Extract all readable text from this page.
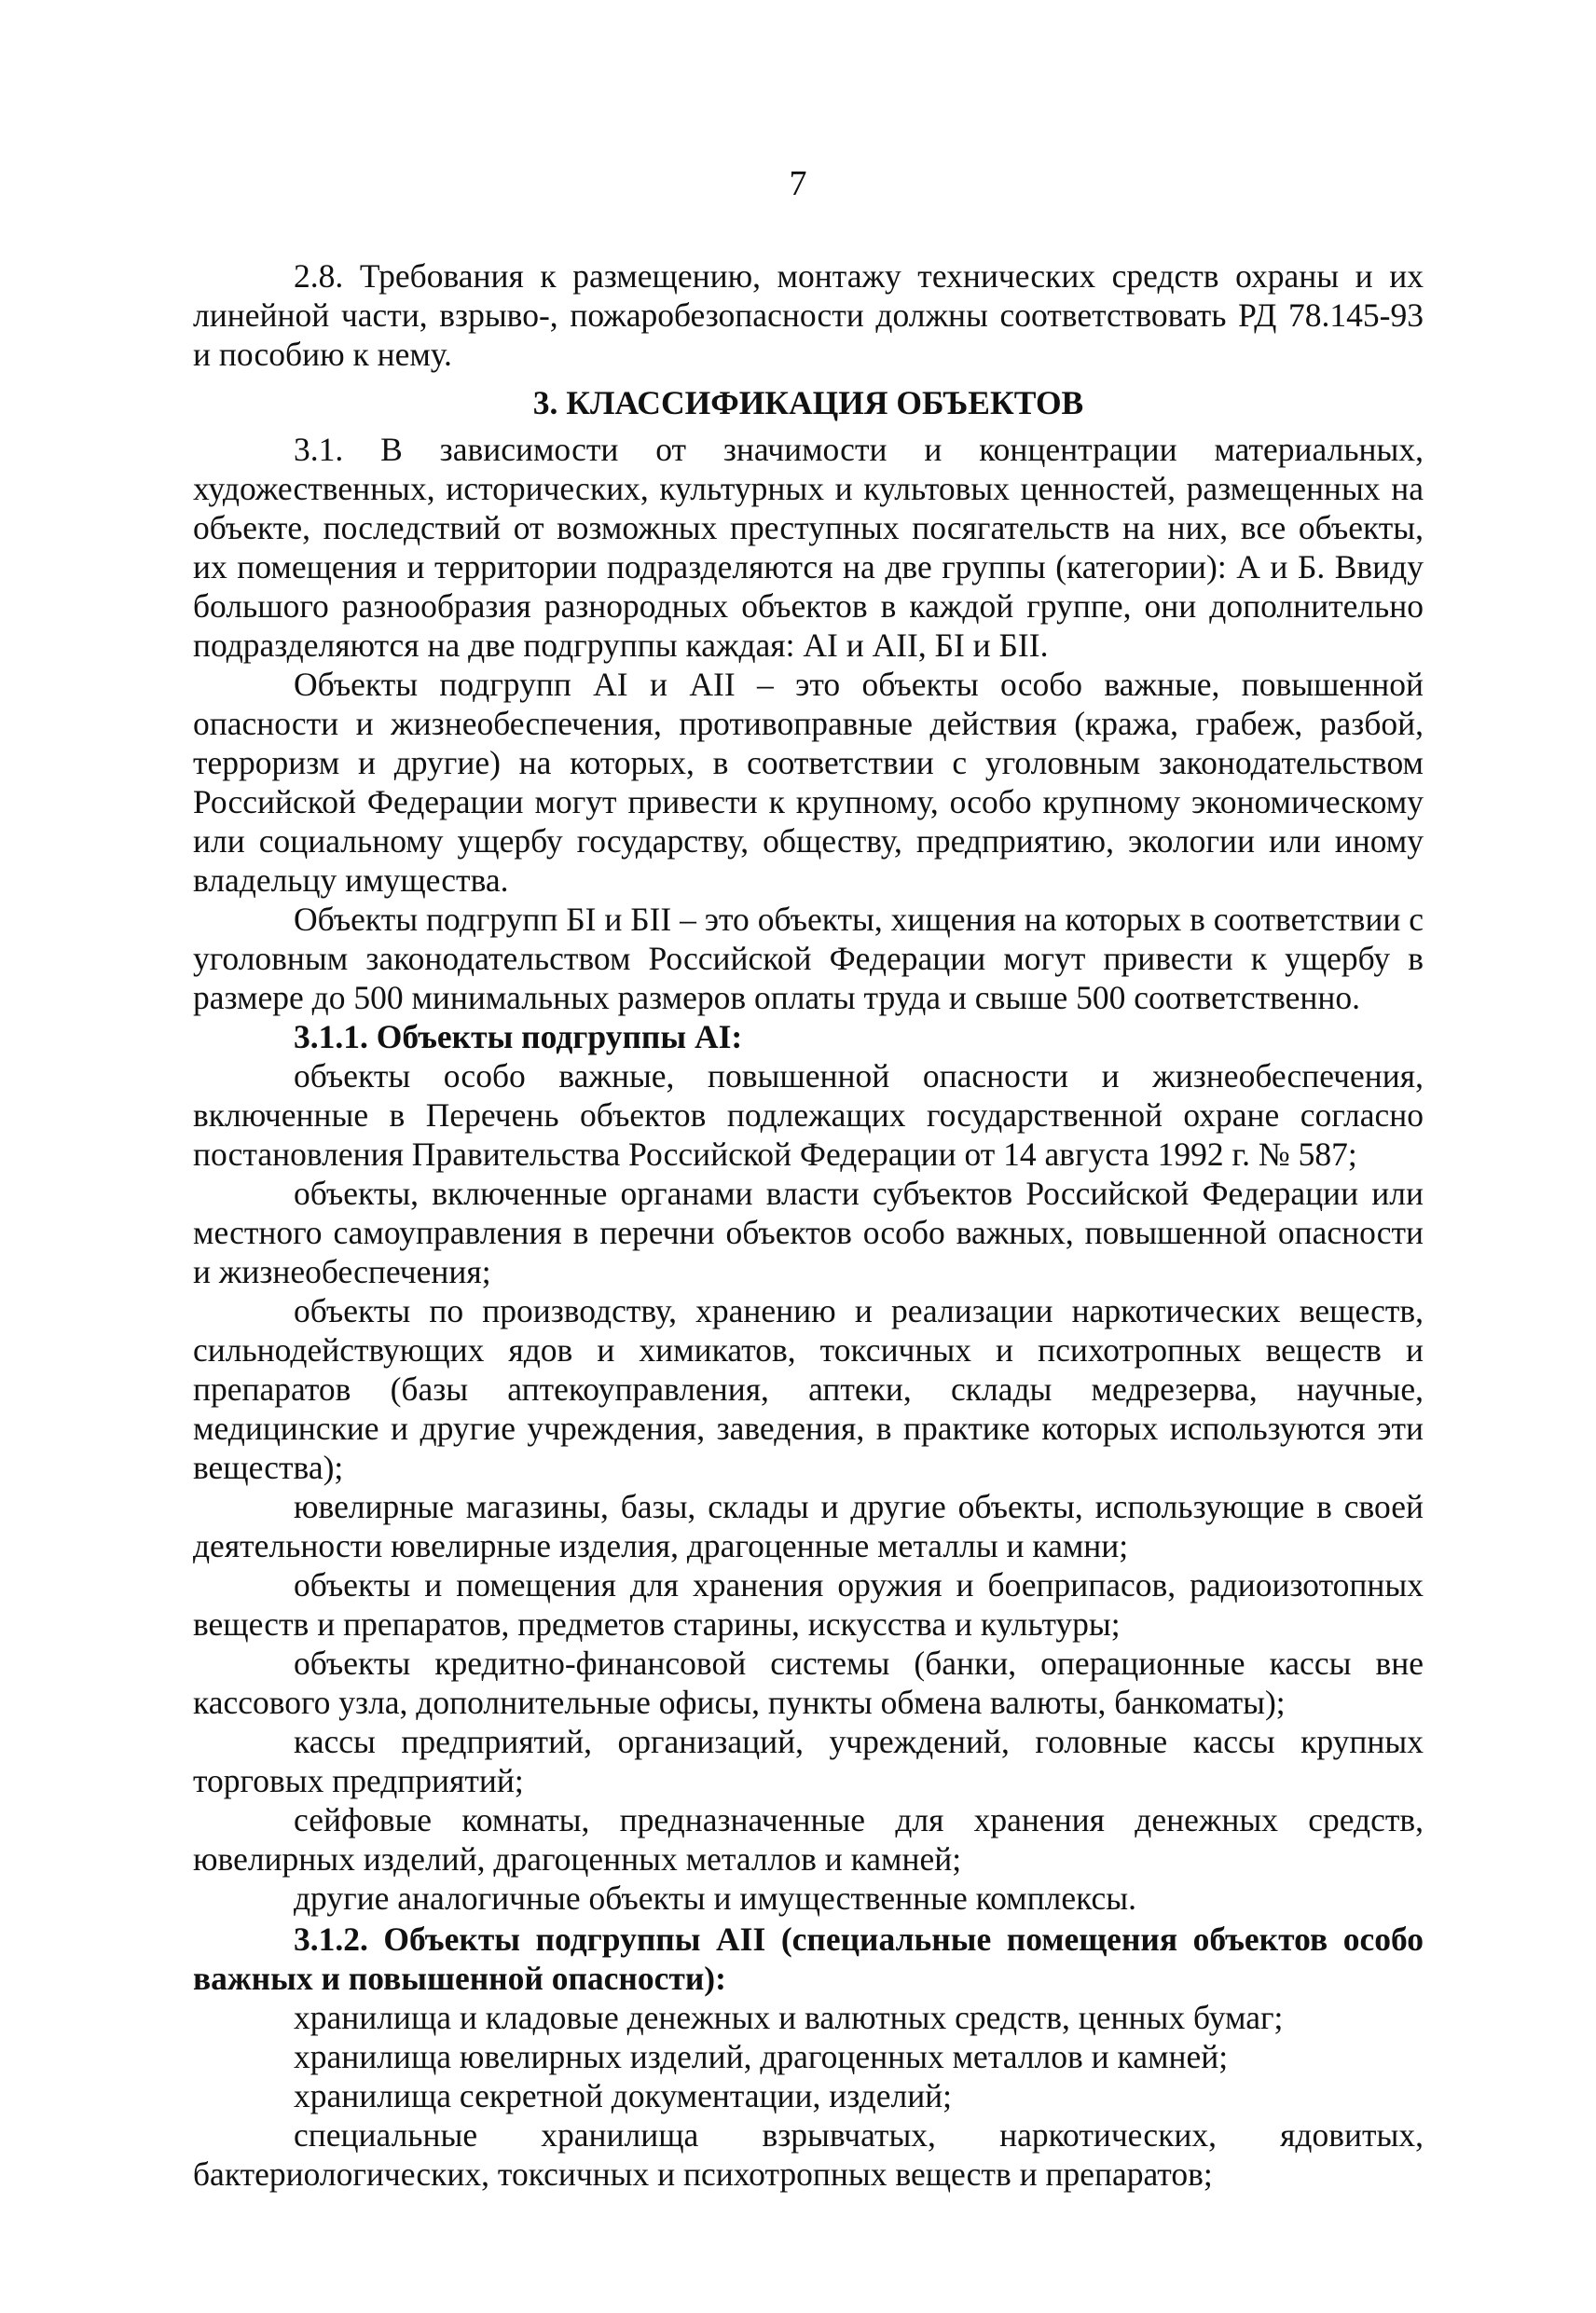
7

2.8. Требования к размещению, монтажу технических средств охраны и их линейной части, взрыво-, пожаробезопасности должны соответствовать РД 78.145-93 и пособию к нему.

3. КЛАССИФИКАЦИЯ ОБЪЕКТОВ

3.1. В зависимости от значимости и концентрации материальных, художественных, исторических, культурных и культовых ценностей, размещенных на объекте, последствий от возможных преступных посягательств на них, все объекты, их помещения и территории подразделяются на две группы (категории): А и Б. Ввиду большого разнообразия разнородных объектов в каждой группе, они дополнительно подразделяются на две подгруппы каждая: АI и АII, БI и БII.

Объекты подгрупп АI и АII – это объекты особо важные, повышенной опасности и жизнеобеспечения, противоправные действия (кража, грабеж, разбой, терроризм и другие) на которых, в соответствии с уголовным законодательством Российской Федерации могут привести к крупному, особо крупному экономическому или социальному ущербу государству, обществу, предприятию, экологии или иному владельцу имущества.

Объекты подгрупп БI и БII – это объекты, хищения на которых в соответствии с уголовным законодательством Российской Федерации могут привести к ущербу в размере до 500 минимальных размеров оплаты труда и свыше 500 соответственно.

3.1.1. Объекты подгруппы АI:

объекты особо важные, повышенной опасности и жизнеобеспечения, включенные в Перечень объектов подлежащих государственной охране согласно постановления Правительства Российской Федерации от 14 августа 1992 г. № 587;

объекты, включенные органами власти субъектов Российской Федерации или местного самоуправления в перечни объектов особо важных, повышенной опасности и жизнеобеспечения;

объекты по производству, хранению и реализации наркотических веществ, сильнодействующих ядов и химикатов, токсичных и психотропных веществ и препаратов (базы аптекоуправления, аптеки, склады медрезерва, научные, медицинские и другие учреждения, заведения, в практике которых используются эти вещества);

ювелирные магазины, базы, склады и другие объекты, использующие в своей деятельности ювелирные изделия, драгоценные металлы и камни;

объекты и помещения для хранения оружия и боеприпасов, радиоизотопных веществ и препаратов, предметов старины, искусства и культуры;

объекты кредитно-финансовой системы (банки, операционные кассы вне кассового узла, дополнительные офисы, пункты обмена валюты, банкоматы);

кассы предприятий, организаций, учреждений, головные кассы крупных торговых предприятий;

сейфовые комнаты, предназначенные для хранения денежных средств, ювелирных изделий, драгоценных металлов и камней;

другие аналогичные объекты и имущественные комплексы.

3.1.2. Объекты подгруппы АII (специальные помещения объектов особо важных и повышенной опасности):

хранилища и кладовые денежных и валютных средств, ценных бумаг;

хранилища ювелирных изделий, драгоценных металлов и камней;

хранилища секретной документации, изделий;

специальные хранилища взрывчатых, наркотических, ядовитых, бактериологических, токсичных и психотропных веществ и препаратов;
